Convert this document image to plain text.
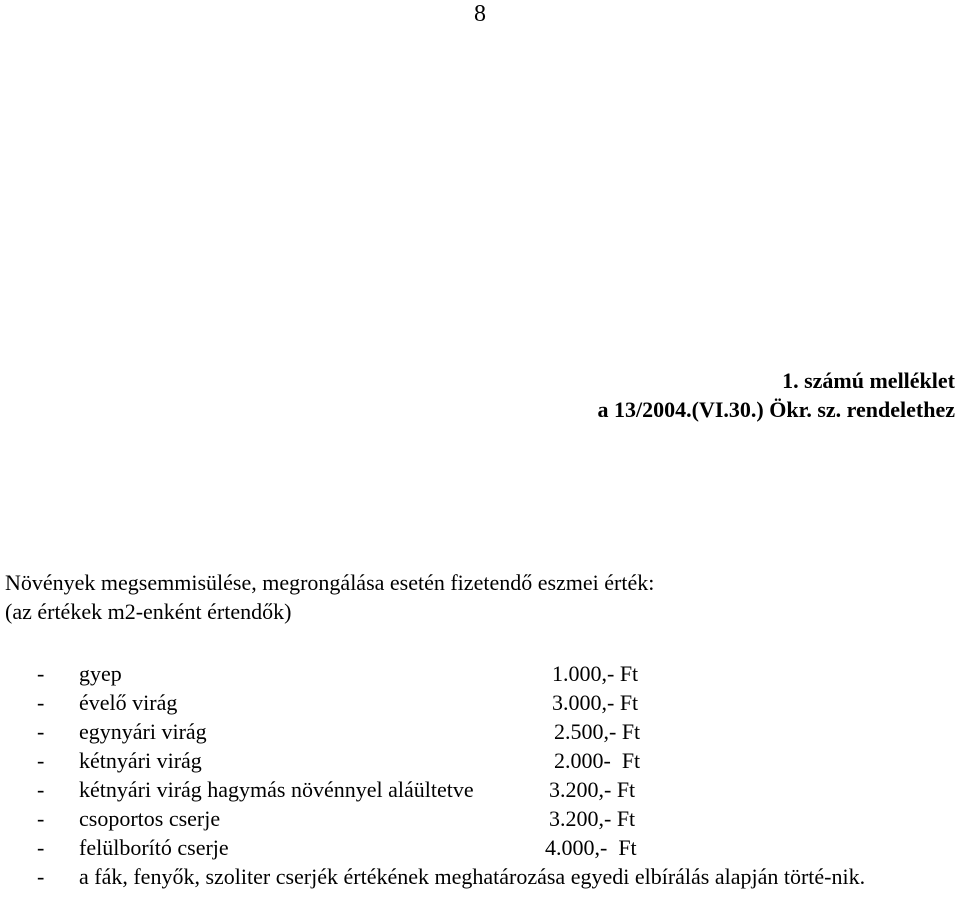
8
1. számú melléklet
a 13/2004.(VI.30.) Ökr. sz. rendelethez
Növények megsemmisülése, megrongálása esetén fizetendő eszmei érték:
(az értékek m2-enként értendők)
- gyep	1.000,- Ft
- évelő virág	3.000,- Ft
- egynyári virág	2.500,- Ft
- kétnyári virág	2.000-  Ft
- kétnyári virág hagymás növénnyel aláültetve	3.200,- Ft
- csoportos cserje	3.200,- Ft
- felülborító cserje	4.000,-  Ft
- a fák, fenyők, szoliter cserjék értékének meghatározása egyedi elbírálás alapján törté-nik.
